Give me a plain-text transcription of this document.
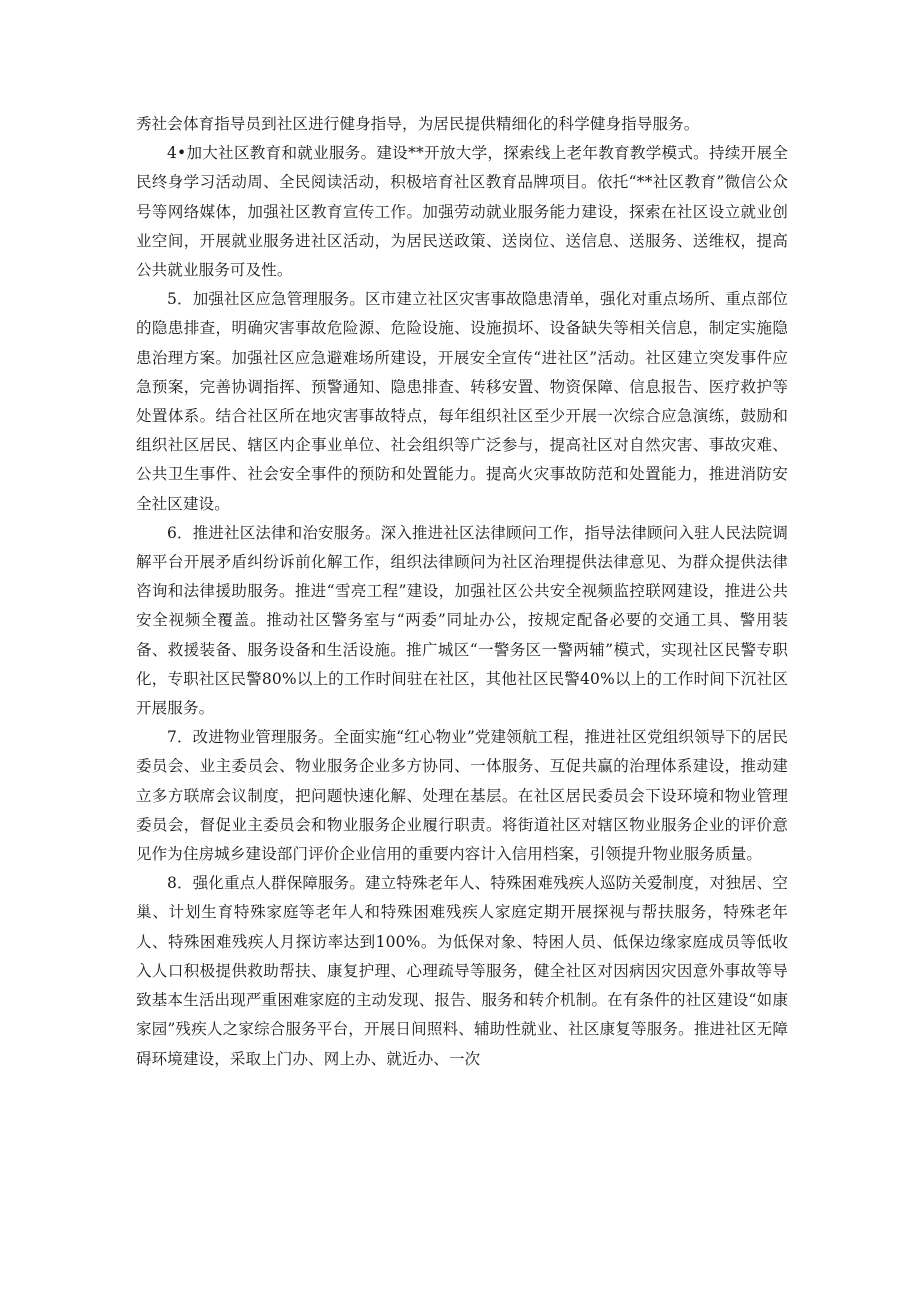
秀社会体育指导员到社区进行健身指导，为居民提供精细化的科学健身指导服务。

4•加大社区教育和就业服务。建设**开放大学，探索线上老年教育教学模式。持续开展全民终身学习活动周、全民阅读活动，积极培育社区教育品牌项目。依托“**社区教育”微信公众号等网络媒体，加强社区教育宣传工作。加强劳动就业服务能力建设，探索在社区设立就业创业空间，开展就业服务进社区活动，为居民送政策、送岗位、送信息、送服务、送维权，提高公共就业服务可及性。

5．加强社区应急管理服务。区市建立社区灾害事故隐患清单，强化对重点场所、重点部位的隐患排查，明确灾害事故危险源、危险设施、设施损坏、设备缺失等相关信息，制定实施隐患治理方案。加强社区应急避难场所建设，开展安全宣传“进社区”活动。社区建立突发事件应急预案，完善协调指挥、预警通知、隐患排查、转移安置、物资保障、信息报告、医疗救护等处置体系。结合社区所在地灾害事故特点，每年组织社区至少开展一次综合应急演练，鼓励和组织社区居民、辖区内企事业单位、社会组织等广泛参与，提高社区对自然灾害、事故灾难、公共卫生事件、社会安全事件的预防和处置能力。提高火灾事故防范和处置能力，推进消防安全社区建设。

6．推进社区法律和治安服务。深入推进社区法律顾问工作，指导法律顾问入驻人民法院调解平台开展矛盾纠纷诉前化解工作，组织法律顾问为社区治理提供法律意见、为群众提供法律咨询和法律援助服务。推进“雪亮工程”建设，加强社区公共安全视频监控联网建设，推进公共安全视频全覆盖。推动社区警务室与“两委”同址办公，按规定配备必要的交通工具、警用装备、救援装备、服务设备和生活设施。推广城区“一警务区一警两辅”模式，实现社区民警专职化，专职社区民警80%以上的工作时间驻在社区，其他社区民警40%以上的工作时间下沉社区开展服务。

7．改进物业管理服务。全面实施“红心物业”党建领航工程，推进社区党组织领导下的居民委员会、业主委员会、物业服务企业多方协同、一体服务、互促共赢的治理体系建设，推动建立多方联席会议制度，把问题快速化解、处理在基层。在社区居民委员会下设环境和物业管理委员会，督促业主委员会和物业服务企业履行职责。将街道社区对辖区物业服务企业的评价意见作为住房城乡建设部门评价企业信用的重要内容计入信用档案，引领提升物业服务质量。

8．强化重点人群保障服务。建立特殊老年人、特殊困难残疾人巡防关爱制度，对独居、空巢、计划生育特殊家庭等老年人和特殊困难残疾人家庭定期开展探视与帮扶服务，特殊老年人、特殊困难残疾人月探访率达到100%。为低保对象、特困人员、低保边缘家庭成员等低收入人口积极提供救助帮扶、康复护理、心理疏导等服务，健全社区对因病因灾因意外事故等导致基本生活出现严重困难家庭的主动发现、报告、服务和转介机制。在有条件的社区建设“如康家园”残疾人之家综合服务平台，开展日间照料、辅助性就业、社区康复等服务。推进社区无障碍环境建设，采取上门办、网上办、就近办、一次
